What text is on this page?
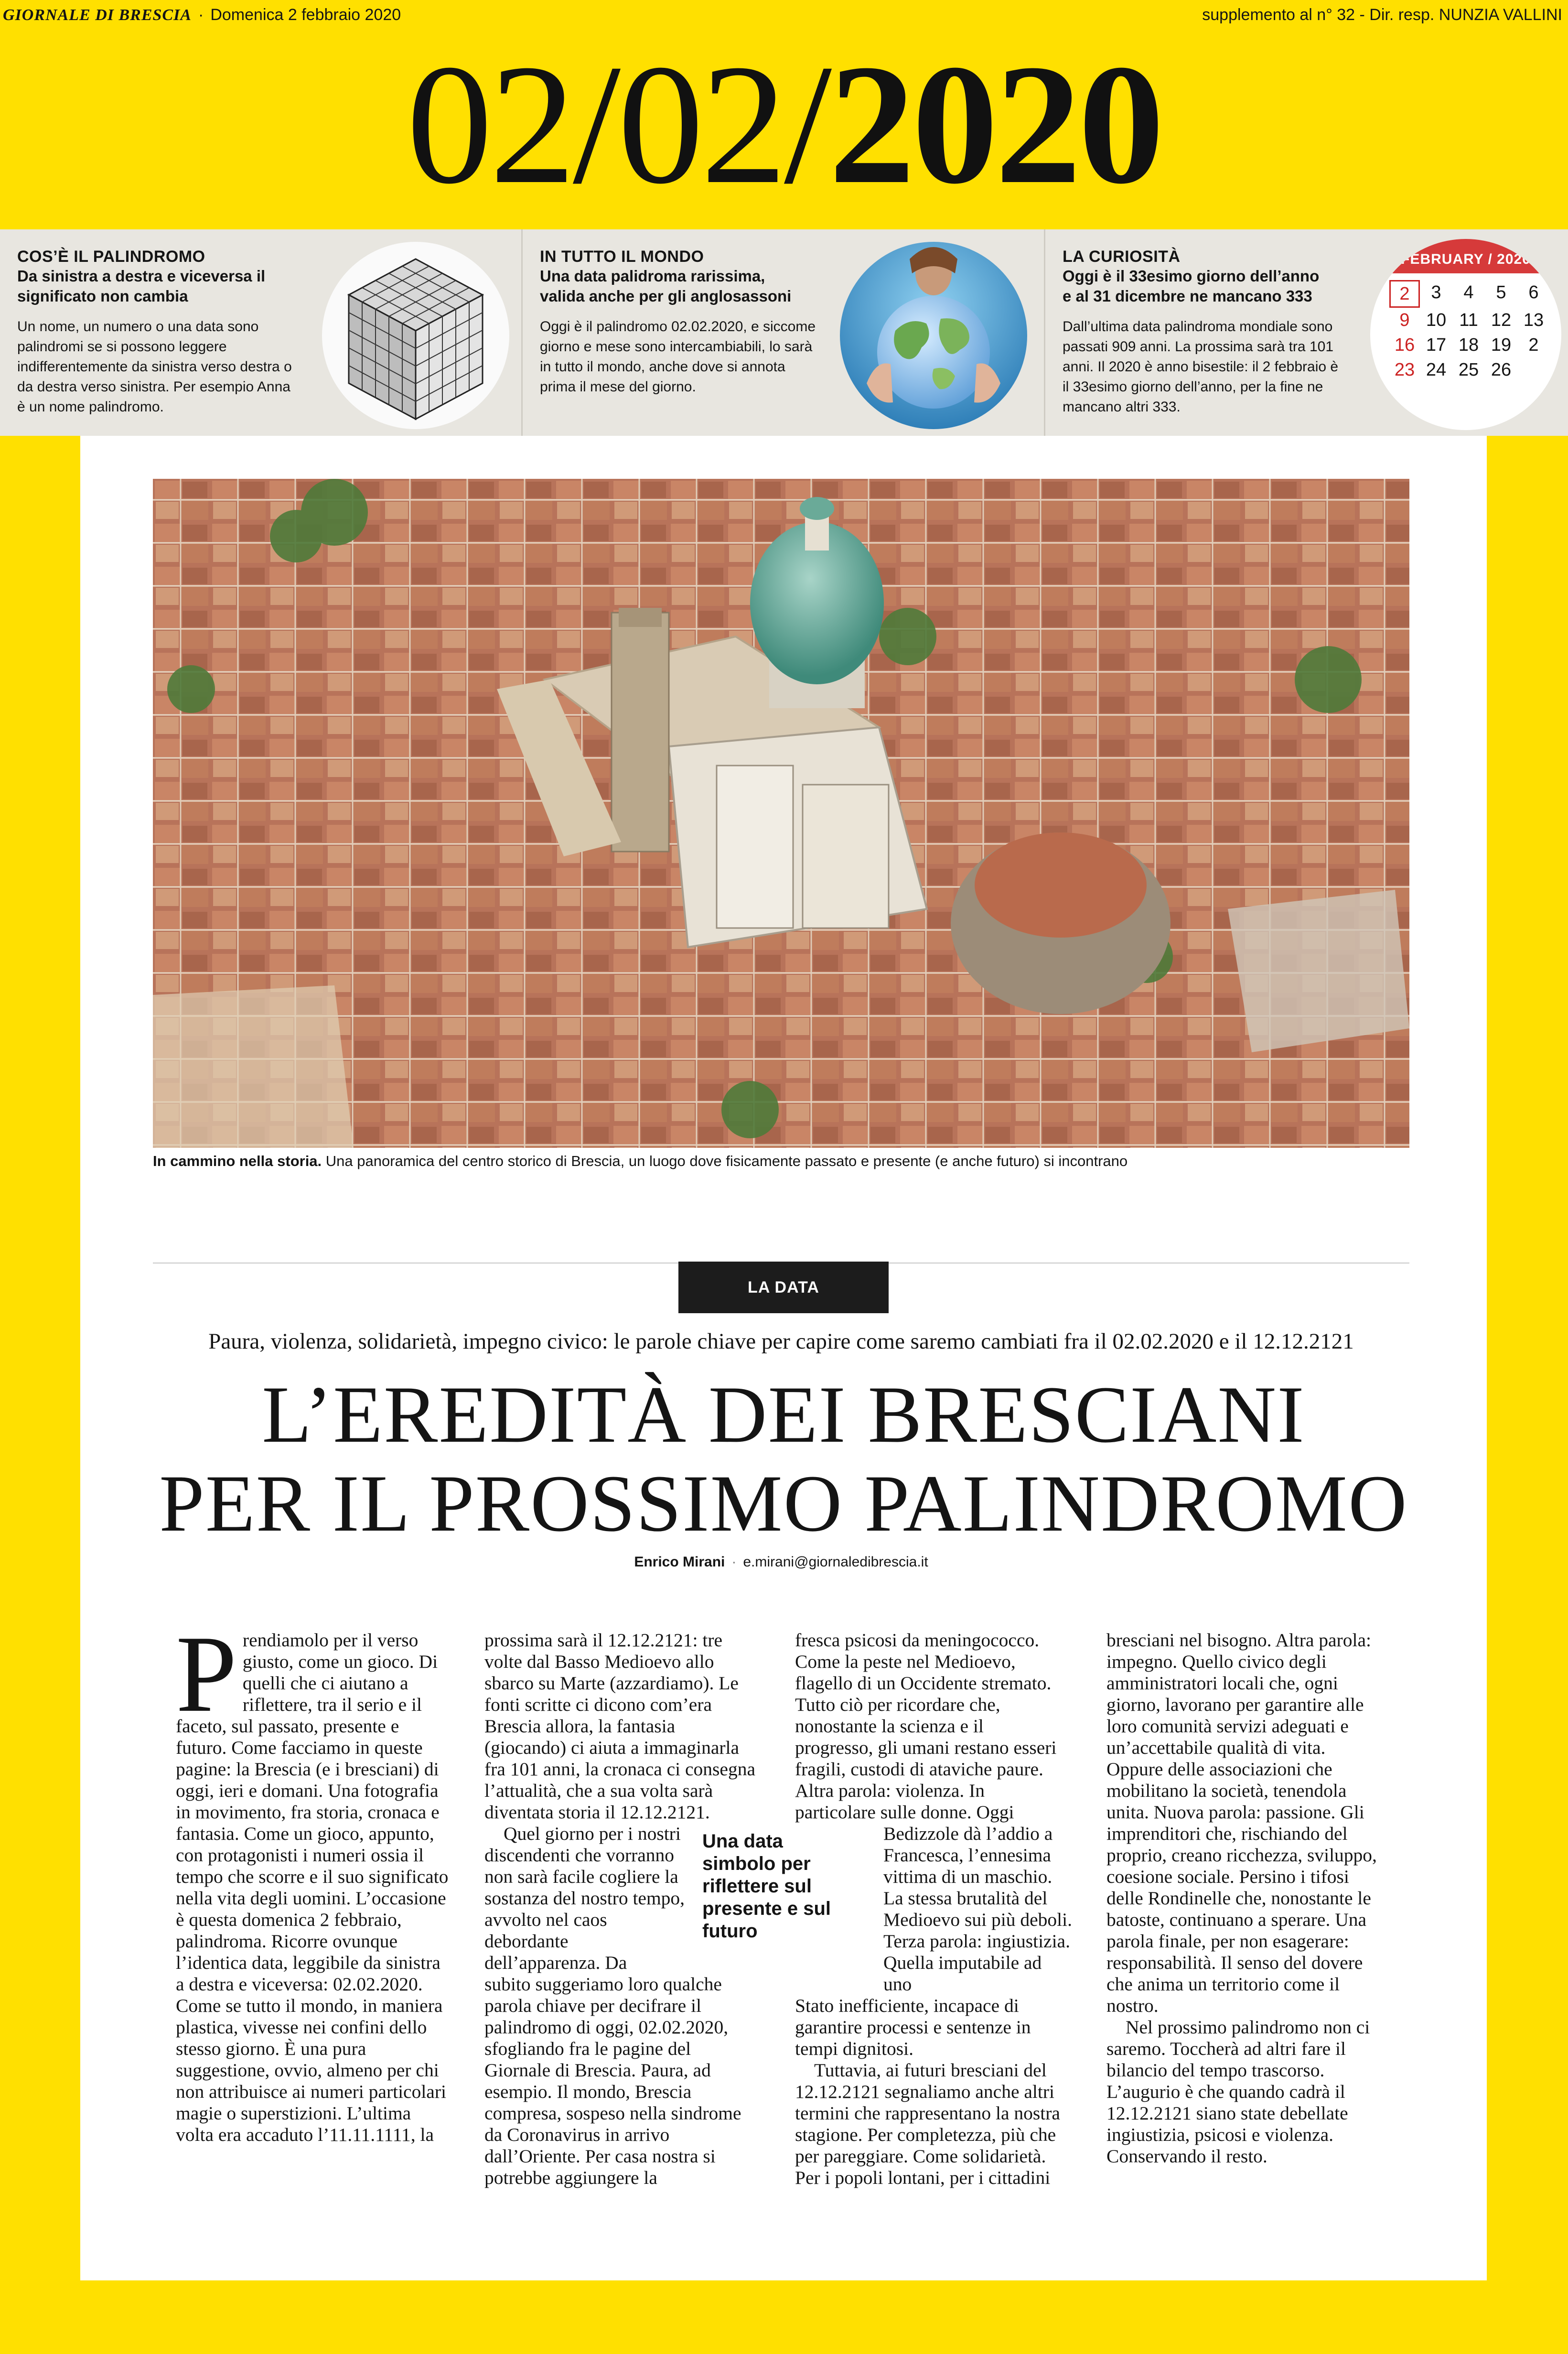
GIORNALE DI BRESCIA · Domenica 2 febbraio 2020	supplemento al n° 32 - Dir. resp. NUNZIA VALLINI
02/02/2020
COS’È IL PALINDROMO
Da sinistra a destra e viceversa il significato non cambia
Un nome, un numero o una data sono palindromi se si possono leggere indifferentemente da sinistra verso destra o da destra verso sinistra. Per esempio Anna è un nome palindromo.
IN TUTTO IL MONDO
Una data palidroma rarissima, valida anche per gli anglosassoni
Oggi è il palindromo 02.02.2020, e siccome giorno e mese sono intercambiabili, lo sarà in tutto il mondo, anche dove si annota prima il mese del giorno.
LA CURIOSITÀ
Oggi è il 33esimo giorno dell’anno e al 31 dicembre ne mancano 333
Dall’ultima data palindroma mondiale sono passati 909 anni. La prossima sarà tra 101 anni. Il 2020 è anno bisestile: il 2 febbraio è il 33esimo giorno dell’anno, per la fine ne mancano altri 333.
FEBRUARY / 2020
2	3	4	5	6
9 10 11 12 13
16 17 18 19 2
23 24 25 26
In cammino nella storia. Una panoramica del centro storico di Brescia, un luogo dove fisicamente passato e presente (e anche futuro) si incontrano
LA DATA
Paura, violenza, solidarietà, impegno civico: le parole chiave per capire come saremo cambiati fra il 02.02.2020 e il 12.12.2121
L’EREDITÀ DEI BRESCIANI
PER IL PROSSIMO PALINDROMO
Enrico Mirani · e.mirani@giornaledibrescia.it
Prendiamolo per il verso giusto, come un gioco. Di quelli che ci aiutano a riflettere, tra il serio e il faceto, sul passato, presente e futuro. Come facciamo in queste pagine: la Brescia (e i bresciani) di oggi, ieri e domani. Una fotografia in movimento, fra storia, cronaca e fantasia. Come un gioco, appunto, con protagonisti i numeri ossia il tempo che scorre e il suo significato nella vita degli uomini. L’occasione è questa domenica 2 febbraio, palindroma. Ricorre ovunque l’identica data, leggibile da sinistra a destra e viceversa: 02.02.2020. Come se tutto il mondo, in maniera plastica, vivesse nei confini dello stesso giorno. È una pura suggestione, ovvio, almeno per chi non attribuisce ai numeri particolari magie o superstizioni. L’ultima volta era accaduto l’11.11.1111, la

prossima sarà il 12.12.2121: tre volte dal Basso Medioevo allo sbarco su Marte (azzardiamo). Le fonti scritte ci dicono com’era Brescia allora, la fantasia (giocando) ci aiuta a immaginarla fra 101 anni, la cronaca ci consegna l’attualità, che a sua volta sarà diventata storia il 12.12.2121.

Quel giorno per i nostri discendenti che vorranno non sarà facile cogliere la sostanza del nostro tempo, avvolto nel caos debordante dell’apparenza. Da

subito suggeriamo loro qualche parola chiave per decifrare il palindromo di oggi, 02.02.2020, sfogliando fra le pagine del Giornale di Brescia. Paura, ad esempio. Il mondo, Brescia compresa, sospeso nella sindrome da Coronavirus in arrivo dall’Oriente. Per casa nostra si potrebbe aggiungere la

Una data simbolo per riflettere sul presente e sul futuro

fresca psicosi da meningococco. Come la peste nel Medioevo, flagello di un Occidente stremato. Tutto ciò per ricordare che, nonostante la scienza e il progresso, gli umani restano esseri fragili, custodi di ataviche paure. Altra parola: violenza. In particolare sulle donne. Oggi

Bedizzole dà l’addio a Francesca, l’ennesima vittima di un maschio. La stessa brutalità del Medioevo sui più deboli. Terza parola: ingiustizia. Quella imputabile ad uno

Stato inefficiente, incapace di garantire processi e sentenze in tempi dignitosi.

Tuttavia, ai futuri bresciani del 12.12.2121 segnaliamo anche altri termini che rappresentano la nostra stagione. Per completezza, più che per pareggiare. Come solidarietà. Per i popoli lontani, per i cittadini

bresciani nel bisogno. Altra parola: impegno. Quello civico degli amministratori locali che, ogni giorno, lavorano per garantire alle loro comunità servizi adeguati e un’accettabile qualità di vita. Oppure delle associazioni che mobilitano la società, tenendola unita. Nuova parola: passione. Gli imprenditori che, rischiando del proprio, creano ricchezza, sviluppo, coesione sociale. Persino i tifosi delle Rondinelle che, nonostante le batoste, continuano a sperare. Una parola finale, per non esagerare: responsabilità. Il senso del dovere che anima un territorio come il nostro.

Nel prossimo palindromo non ci saremo. Toccherà ad altri fare il bilancio del tempo trascorso. L’augurio è che quando cadrà il 12.12.2121 siano state debellate ingiustizia, psicosi e violenza. Conservando il resto.
